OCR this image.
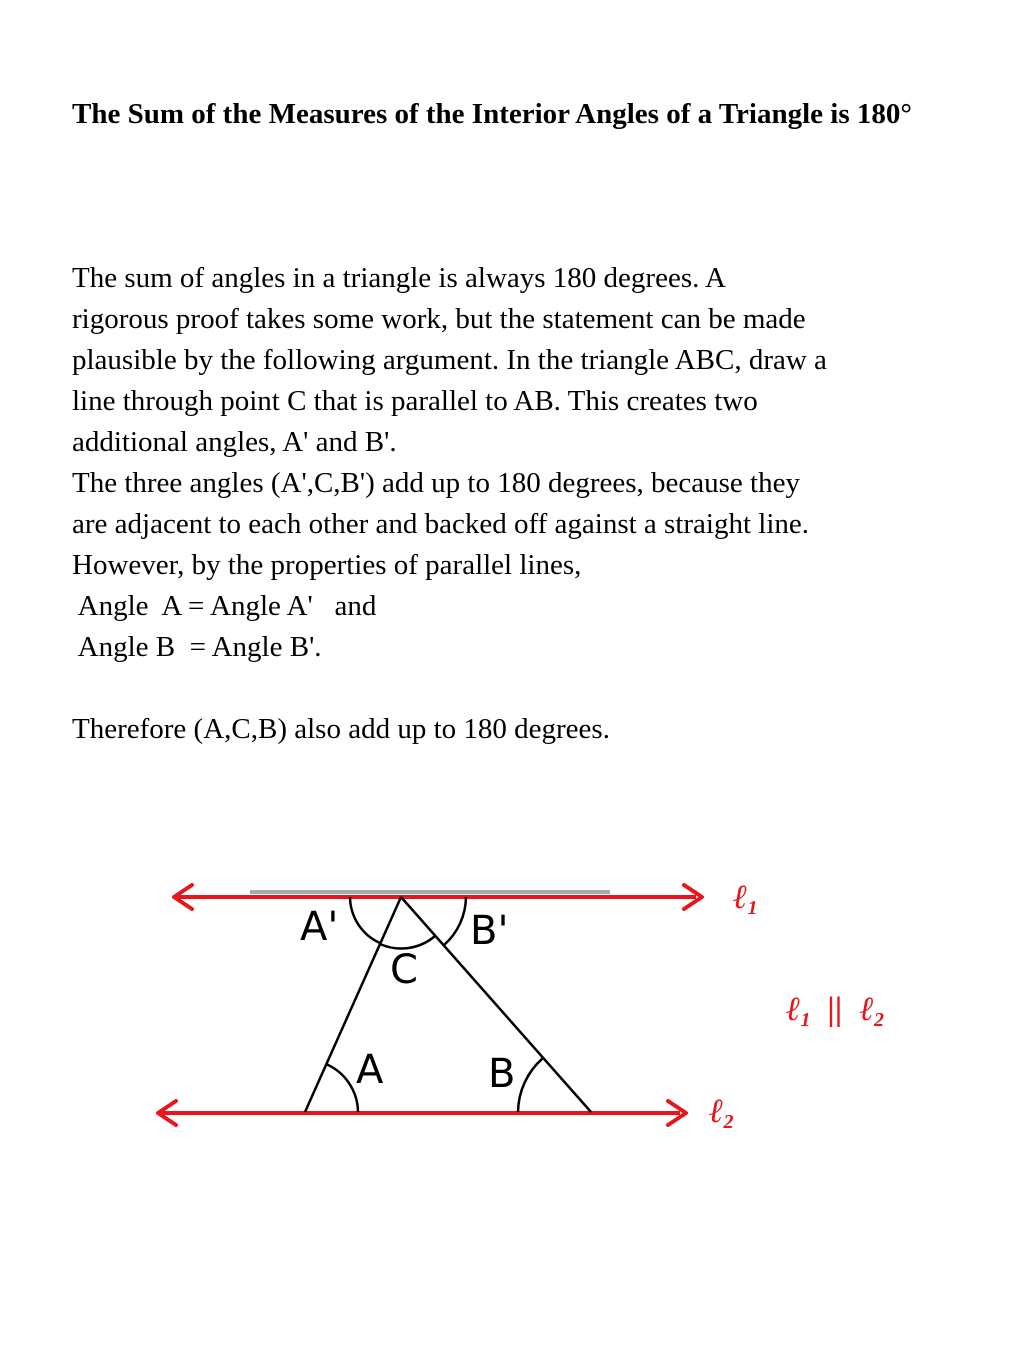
The Sum of the Measures of the Interior Angles of a Triangle is 180°
The sum of angles in a triangle is always 180 degrees. A
rigorous proof takes some work, but the statement can be made
plausible by the following argument. In the triangle ABC, draw a
line through point C that is parallel to AB. This creates two
additional angles, A' and B'.
The three angles (A',C,B') add up to 180 degrees, because they
are adjacent to each other and backed off against a straight line.
However, by the properties of parallel lines,
Angle  A = Angle A'   and
Angle B  = Angle B'.
Therefore (A,C,B) also add up to 180 degrees.
A'	B'
C
A	B
ℓ1
ℓ1  ||  ℓ2
ℓ2
